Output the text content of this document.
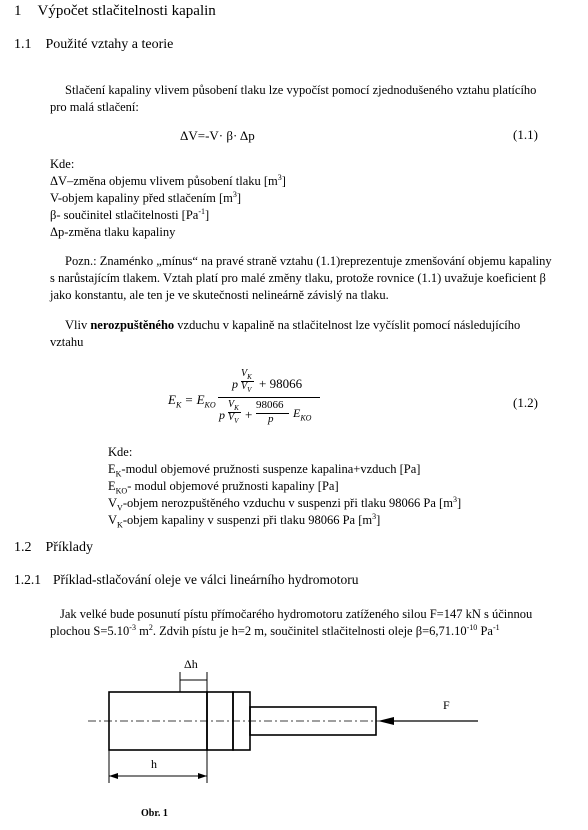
1 Výpočet stlačitelnosti kapalin
1.1 Použité vztahy a teorie
Stlačení kapaliny vlivem působení tlaku lze vypočíst pomocí zjednodušeného vztahu platícího
pro malá stlačení:
ΔV=-V· β· Δp	(1.1)
Kde:
ΔV–změna objemu vlivem působení tlaku $[m^3]$
V-objem kapaliny před stlačením $[m^3]$
β- součinitel stlačitelnosti $[Pa^{-1}]$
Δp-změna tlaku kapaliny
Pozn.: Znaménko „mínus“ na pravé straně vztahu (1.1)reprezentuje zmenšování objemu kapaliny
s narůstajícím tlakem. Vztah platí pro malé změny tlaku, protože rovnice (1.1) uvažuje koeficient β
jako konstantu, ale ten je ve skutečnosti nelineárně závislý na tlaku.
Vliv nerozpuštěného vzduchu v kapalině na stlačitelnost lze vyčíslit pomocí následujícího
vztahu
$E_K = E_{KO}$
p
$V_K$
$V_V + 98066$
p
$V_K$
$V_V$ +
98066
p $E_{KO}$
(1.2)
Kde:
$E_K$-modul objemové pružnosti suspenze kapalina+vzduch [Pa]
$E_{KO}-$ modul objemové pružnosti kapaliny [Pa]
$V_V$-objem nerozpuštěného vzduchu v suspenzi při tlaku 98066 Pa $[m^3]$
$V_K$-objem kapaliny v suspenzi při tlaku 98066 Pa $[m^3]$
1.2 Příklady
1.2.1 Příklad-stlačování oleje ve válci lineárního hydromotoru
Jak velké bude posunutí pístu přímočarého hydromotoru zatíženého silou F=147 kN s účinnou
plochou $S=5.10^{-3}$ $m^2$. Zdvih pístu je h=2 m, součinitel stlačitelnosti oleje $\beta=6,71.10^{-10}$ $Pa^{-1}$
Δh
F
h
Obr. 1
